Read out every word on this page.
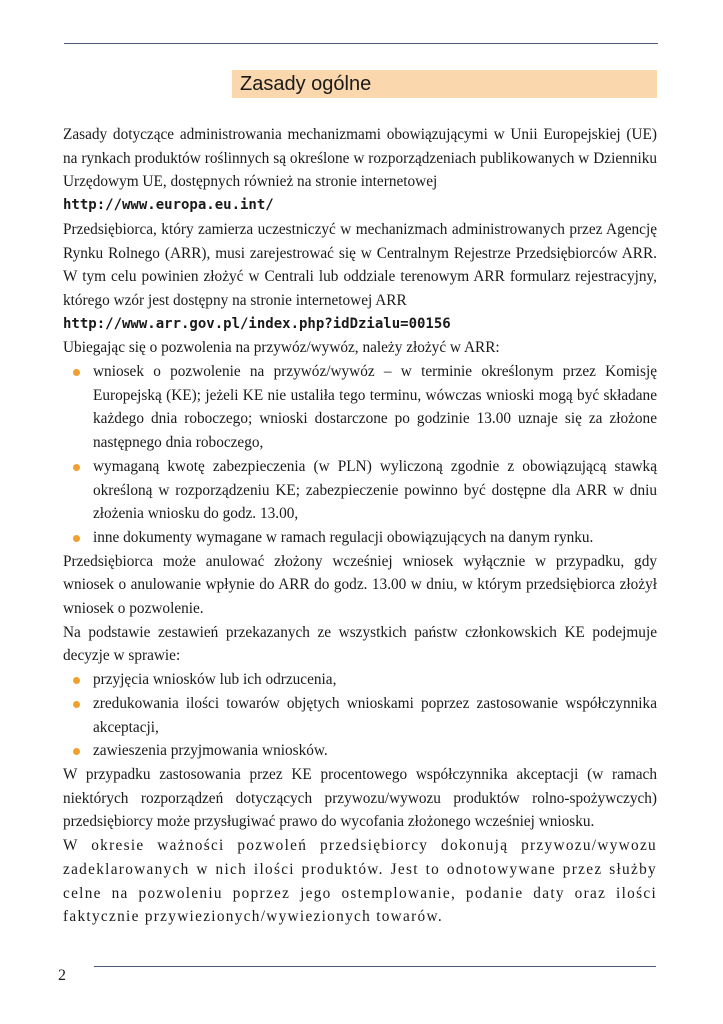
Zasady ogólne

Zasady dotyczące administrowania mechanizmami obowiązującymi w Unii Europejskiej (UE) na rynkach produktów roślinnych są określone w rozporządzeniach publikowanych w Dzienniku Urzędowym UE, dostępnych również na stronie internetowej

http://www.europa.eu.int/

Przedsiębiorca, który zamierza uczestniczyć w mechanizmach administrowanych przez Agencję Rynku Rolnego (ARR), musi zarejestrować się w Centralnym Rejestrze Przedsiębiorców ARR. W tym celu powinien złożyć w Centrali lub oddziale terenowym ARR formularz rejestracyjny, którego wzór jest dostępny na stronie internetowej ARR

http://www.arr.gov.pl/index.php?idDzialu=00156

Ubiegając się o pozwolenia na przywóz/wywóz, należy złożyć w ARR:

wniosek o pozwolenie na przywóz/wywóz – w terminie określonym przez Komisję Europejską (KE); jeżeli KE nie ustaliła tego terminu, wówczas wnioski mogą być składane każdego dnia roboczego; wnioski dostarczone po godzinie 13.00 uznaje się za złożone następnego dnia roboczego,
wymaganą kwotę zabezpieczenia (w PLN) wyliczoną zgodnie z obowiązującą stawką określoną w rozporządzeniu KE; zabezpieczenie powinno być dostępne dla ARR w dniu złożenia wniosku do godz. 13.00,
inne dokumenty wymagane w ramach regulacji obowiązujących na danym rynku.

Przedsiębiorca może anulować złożony wcześniej wniosek wyłącznie w przypadku, gdy wniosek o anulowanie wpłynie do ARR do godz. 13.00 w dniu, w którym przedsiębiorca złożył wniosek o pozwolenie.

Na podstawie zestawień przekazanych ze wszystkich państw członkowskich KE podejmuje decyzje w sprawie:

przyjęcia wniosków lub ich odrzucenia,
zredukowania ilości towarów objętych wnioskami poprzez zastosowanie współczynnika akceptacji,
zawieszenia przyjmowania wniosków.

W przypadku zastosowania przez KE procentowego współczynnika akceptacji (w ramach niektórych rozporządzeń dotyczących przywozu/wywozu produktów rolno-spożywczych) przedsiębiorcy może przysługiwać prawo do wycofania złożonego wcześniej wniosku.

W okresie ważności pozwoleń przedsiębiorcy dokonują przywozu/wywozu zadeklarowanych w nich ilości produktów. Jest to odnotowywane przez służby celne na pozwoleniu poprzez jego ostemplowanie, podanie daty oraz ilości faktycznie przywiezionych/wywiezionych towarów.

2
